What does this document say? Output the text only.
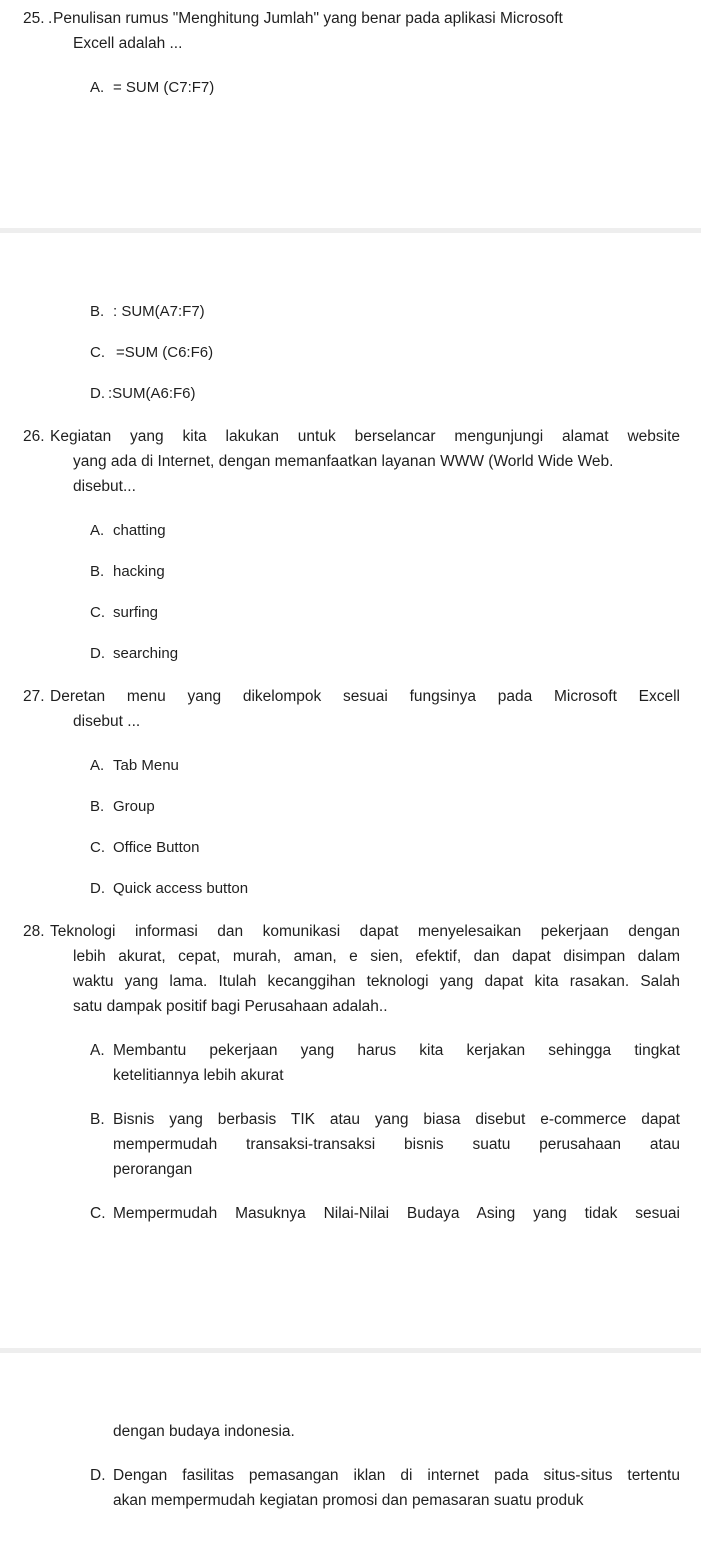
25. . Penulisan rumus "Menghitung Jumlah" yang benar pada aplikasi Microsoft
Excell adalah ...
A. = SUM (C7:F7)
B. : SUM(A7:F7)
C. =SUM (C6:F6)
D. :SUM(A6:F6)
26. Kegiatan yang kita lakukan untuk berselancar mengunjungi alamat website
yang ada di Internet, dengan memanfaatkan layanan WWW (World Wide Web.
disebut...
A. chatting
B. hacking
C. surfing
D. searching
27. Deretan menu yang dikelompok sesuai fungsinya pada Microsoft Excell
disebut ...
A. Tab Menu
B. Group
C. Office Button
D. Quick access button
28. Teknologi informasi dan komunikasi dapat menyelesaikan pekerjaan dengan
lebih akurat, cepat, murah, aman, e sien, efektif, dan dapat disimpan dalam
waktu yang lama. Itulah kecanggihan teknologi yang dapat kita rasakan. Salah
satu dampak positif bagi Perusahaan adalah..
A. Membantu pekerjaan yang harus kita kerjakan sehingga tingkat
ketelitiannya lebih akurat
B. Bisnis yang berbasis TIK atau yang biasa disebut e-commerce dapat
mempermudah transaksi-transaksi bisnis suatu perusahaan atau
perorangan
C. Mempermudah Masuknya Nilai-Nilai Budaya Asing yang tidak sesuai
dengan budaya indonesia.
D. Dengan fasilitas pemasangan iklan di internet pada situs-situs tertentu
akan mempermudah kegiatan promosi dan pemasaran suatu produk
